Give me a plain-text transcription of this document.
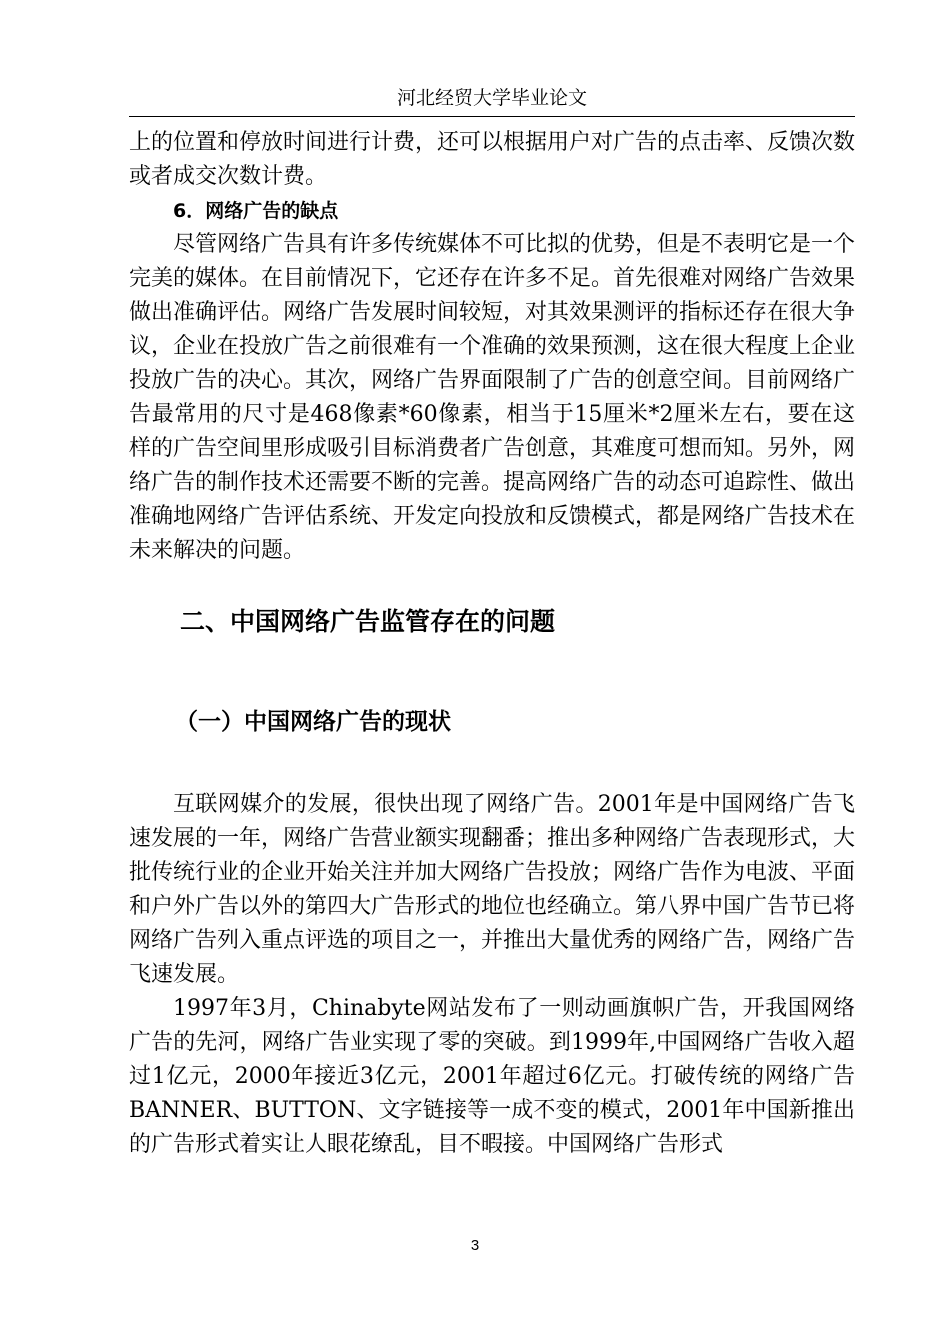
河北经贸大学毕业论文

上的位置和停放时间进行计费，还可以根据用户对广告的点击率、反馈次数或者成交次数计费。

6．网络广告的缺点

尽管网络广告具有许多传统媒体不可比拟的优势，但是不表明它是一个完美的媒体。在目前情况下，它还存在许多不足。首先很难对网络广告效果做出准确评估。网络广告发展时间较短，对其效果测评的指标还存在很大争议，企业在投放广告之前很难有一个准确的效果预测，这在很大程度上企业投放广告的决心。其次，网络广告界面限制了广告的创意空间。目前网络广告最常用的尺寸是468像素*60像素，相当于15厘米*2厘米左右，要在这样的广告空间里形成吸引目标消费者广告创意，其难度可想而知。另外，网络广告的制作技术还需要不断的完善。提高网络广告的动态可追踪性、做出准确地网络广告评估系统、开发定向投放和反馈模式，都是网络广告技术在未来解决的问题。

二、中国网络广告监管存在的问题
（一）中国网络广告的现状

互联网媒介的发展，很快出现了网络广告。2001年是中国网络广告飞速发展的一年，网络广告营业额实现翻番；推出多种网络广告表现形式，大批传统行业的企业开始关注并加大网络广告投放；网络广告作为电波、平面和户外广告以外的第四大广告形式的地位也经确立。第八界中国广告节已将网络广告列入重点评选的项目之一，并推出大量优秀的网络广告，网络广告飞速发展。

1997年3月，Chinabyte网站发布了一则动画旗帜广告，开我国网络广告的先河，网络广告业实现了零的突破。到1999年,中国网络广告收入超过1亿元，2000年接近3亿元，2001年超过6亿元。打破传统的网络广告BANNER、BUTTON、文字链接等一成不变的模式，2001年中国新推出的广告形式着实让人眼花缭乱，目不暇接。中国网络广告形式

3
